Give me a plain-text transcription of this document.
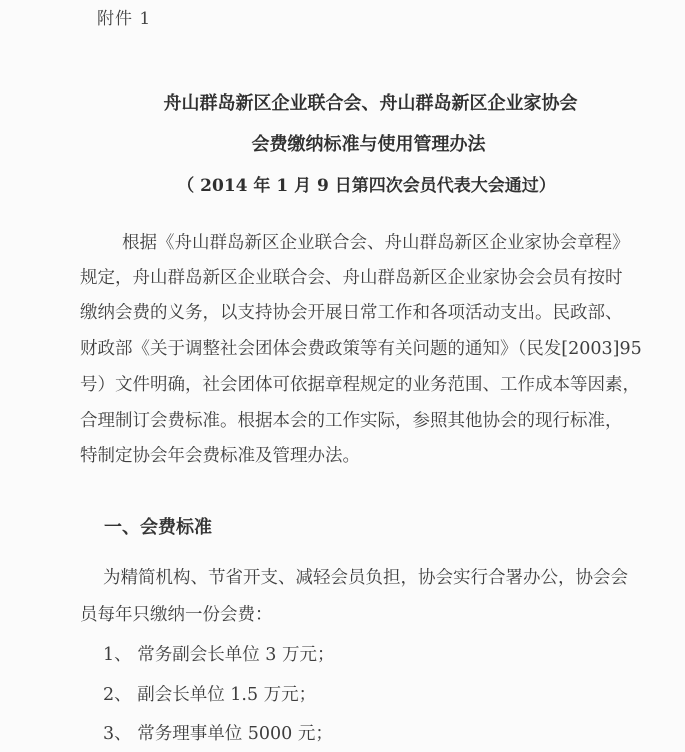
附件 1
舟山群岛新区企业联合会、舟山群岛新区企业家协会
会费缴纳标准与使用管理办法
（ 2014 年 1 月 9 日第四次会员代表大会通过）
根据《舟山群岛新区企业联合会、舟山群岛新区企业家协会章程》
规定，舟山群岛新区企业联合会、舟山群岛新区企业家协会会员有按时
缴纳会费的义务，以支持协会开展日常工作和各项活动支出。民政部、
财政部《关于调整社会团体会费政策等有关问题的通知》（民发[2003]95
号）文件明确，社会团体可依据章程规定的业务范围、工作成本等因素，
合理制订会费标准。根据本会的工作实际，参照其他协会的现行标准，
特制定协会年会费标准及管理办法。
一、会费标准
为精简机构、节省开支、减轻会员负担，协会实行合署办公，协会会
员每年只缴纳一份会费：
1、 常务副会长单位 3 万元；
2、 副会长单位 1.5 万元；
3、 常务理事单位 5000 元；
